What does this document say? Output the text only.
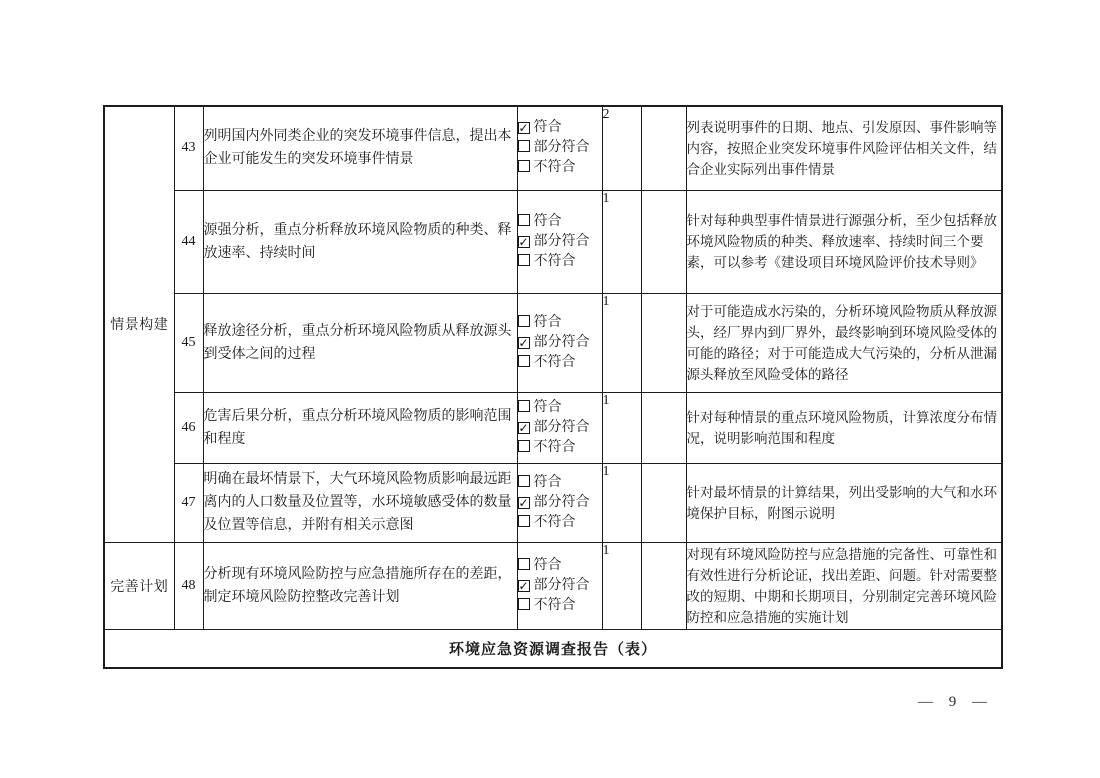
情景构建	43	列明国内外同类企业的突发环境事件信息，提出本企业可能发生的突发环境事件情景	✓ 符合
部分符合
不符合	2		列表说明事件的日期、地点、引发原因、事件影响等内容，按照企业突发环境事件风险评估相关文件，结合企业实际列出事件情景
	44	源强分析，重点分析释放环境风险物质的种类、释放速率、持续时间	符合
✓ 部分符合
不符合	1		针对每种典型事件情景进行源强分析，至少包括释放环境风险物质的种类、释放速率、持续时间三个要素，可以参考《建设项目环境风险评价技术导则》
	45	释放途径分析，重点分析环境风险物质从释放源头到受体之间的过程	符合
✓ 部分符合
不符合	1		对于可能造成水污染的，分析环境风险物质从释放源头，经厂界内到厂界外，最终影响到环境风险受体的可能的路径；对于可能造成大气污染的，分析从泄漏源头释放至风险受体的路径
	46	危害后果分析，重点分析环境风险物质的影响范围和程度	符合
✓ 部分符合
不符合	1		针对每种情景的重点环境风险物质，计算浓度分布情况，说明影响范围和程度
	47	明确在最坏情景下，大气环境风险物质影响最远距离内的人口数量及位置等，水环境敏感受体的数量及位置等信息，并附有相关示意图	符合
✓ 部分符合
不符合	1		针对最坏情景的计算结果，列出受影响的大气和水环境保护目标，附图示说明
完善计划	48	分析现有环境风险防控与应急措施所存在的差距，制定环境风险防控整改完善计划	符合
✓ 部分符合
不符合	1		对现有环境风险防控与应急措施的完备性、可靠性和有效性进行分析论证，找出差距、问题。针对需要整改的短期、中期和长期项目，分别制定完善环境风险防控和应急措施的实施计划
环境应急资源调查报告（表）						
— 9 —
